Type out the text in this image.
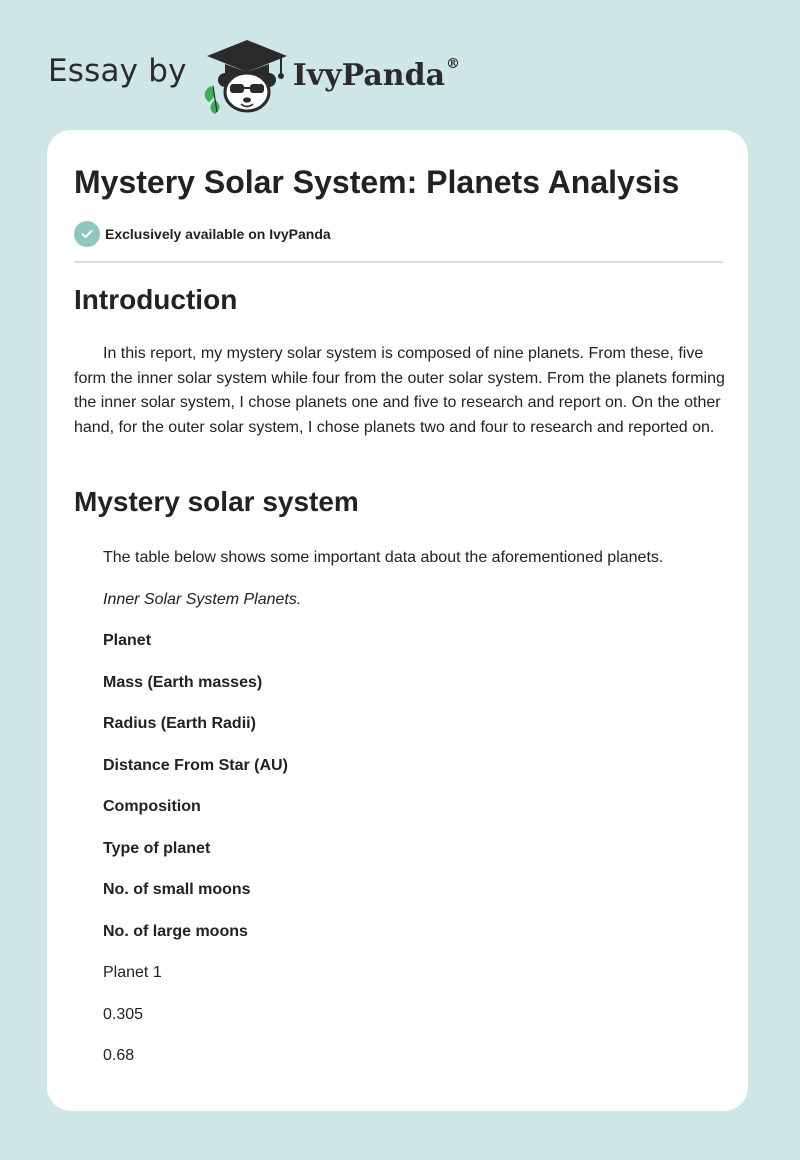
Essay by	IvyPanda®
Mystery Solar System: Planets Analysis
Exclusively available on IvyPanda
Introduction

In this report, my mystery solar system is composed of nine planets. From these, five form the inner solar system while four from the outer solar system. From the planets forming the inner solar system, I chose planets one and five to research and report on. On the other hand, for the outer solar system, I chose planets two and four to research and reported on.

Mystery solar system

The table below shows some important data about the aforementioned planets.

Inner Solar System Planets.

Planet

Mass (Earth masses)

Radius (Earth Radii)

Distance From Star (AU)

Composition

Type of planet

No. of small moons

No. of large moons

Planet 1

0.305

0.68
